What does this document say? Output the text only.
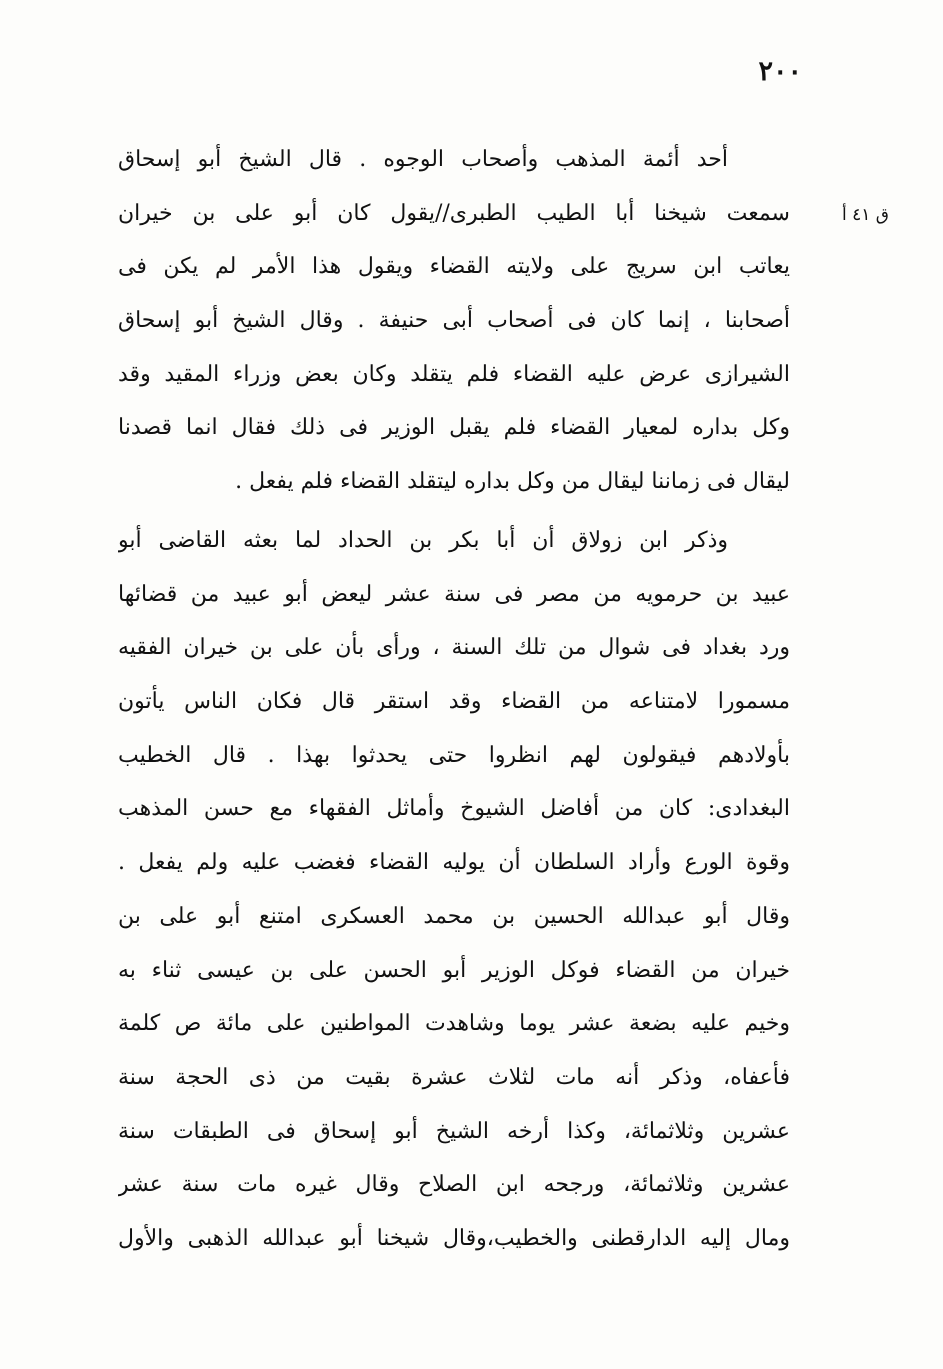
٢٠٠
ق ٤١ أ
أحد أئمة المذهب وأصحاب الوجوه . قال الشيخ أبو إسحاق
سمعت شيخنا أبا الطيب الطبرى//يقول كان أبو على بن خيران
يعاتب ابن سريج على ولايته القضاء ويقول هذا الأمر لم يكن فى
أصحابنا ، إنما كان فى أصحاب أبى حنيفة . وقال الشيخ أبو إسحاق
الشيرازى عرض عليه القضاء فلم يتقلد وكان بعض وزراء المقيد وقد
وكل بداره لمعيار القضاء فلم يقبل الوزير فى ذلك فقال انما قصدنا
ليقال فى زماننا ليقال من وكل بداره ليتقلد القضاء فلم يفعل .
وذكر ابن زولاق أن أبا بكر بن الحداد لما بعثه القاضى أبو
عبيد بن حرمويه من مصر فى سنة عشر ليعض أبو عبيد من قضائها
ورد بغداد فى شوال من تلك السنة ، ورأى بأن على بن خيران الفقيه
مسمورا لامتناعه من القضاء وقد استقر قال فكان الناس يأتون
بأولادهم فيقولون لهم انظروا حتى يحدثوا بهذا . قال الخطيب
البغدادى: كان من أفاضل الشيوخ وأماثل الفقهاء مع حسن المذهب
وقوة الورع وأراد السلطان أن يوليه القضاء فغضب عليه ولم يفعل .
وقال أبو عبدالله الحسين بن محمد العسكرى امتنع أبو على بن
خيران من القضاء فوكل الوزير أبو الحسن على بن عيسى ثناء به
وخيم عليه بضعة عشر يوما وشاهدت المواطنين على مائة ص كلمة
فأعفاه، وذكر أنه مات لثلاث عشرة بقيت من ذى الحجة سنة
عشرين وثلاثمائة، وكذا أرخه الشيخ أبو إسحاق فى الطبقات سنة
عشرين وثلاثمائة، ورجحه ابن الصلاح وقال غيره مات سنة عشر
ومال إليه الدارقطنى والخطيب،وقال شيخنا أبو عبدالله الذهبى والأول
